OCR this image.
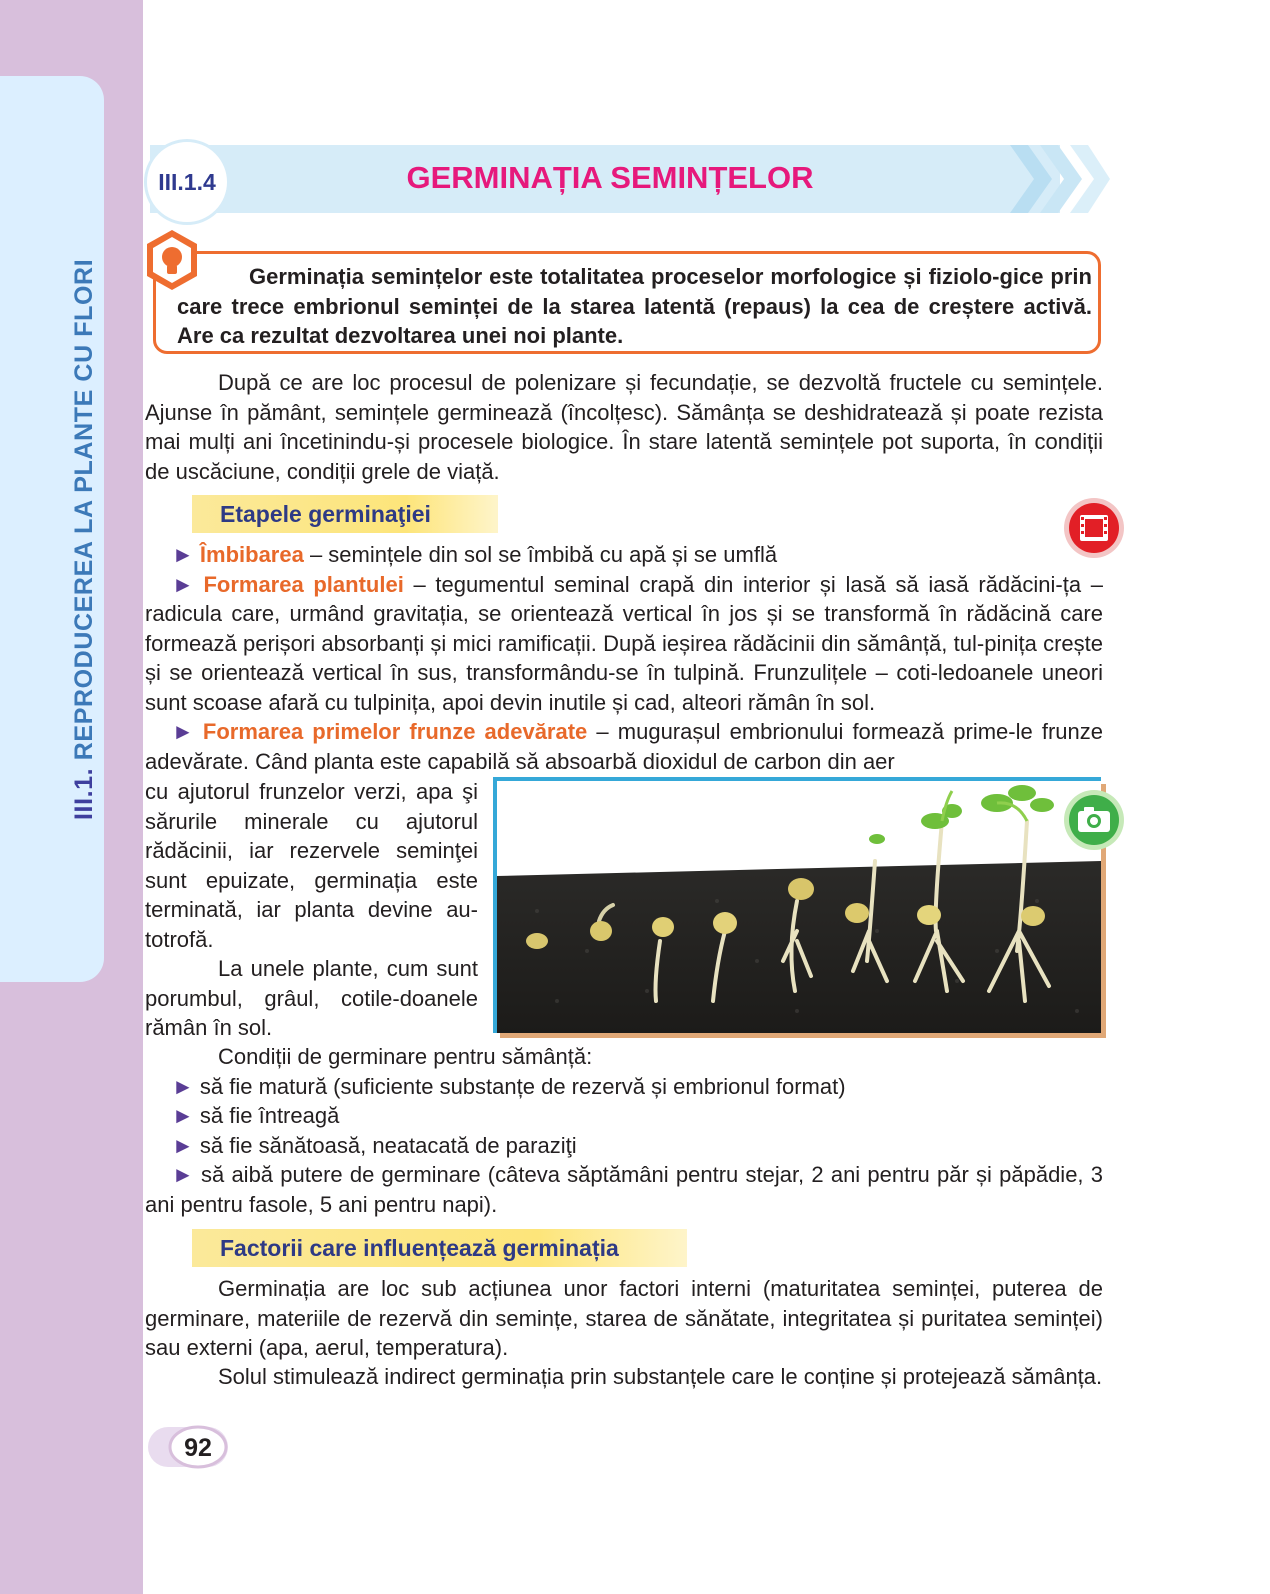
III.1. REPRODUCEREA LA PLANTE CU FLORI
III.1.4	GERMINAȚIA SEMINȚELOR
Germinația semințelor este totalitatea proceselor morfologice și fiziolo-gice prin care trece embrionul seminței de la starea latentă (repaus) la cea de creștere activă. Are ca rezultat dezvoltarea unei noi plante.
După ce are loc procesul de polenizare și fecundație, se dezvoltă fructele cu semințele. Ajunse în pământ, semințele germinează (încolțesc). Sămânța se deshidratează și poate rezista mai mulți ani încetinindu-și procesele biologice. În stare latentă semințele pot suporta, în condiții de uscăciune, condiții grele de viață.
Etapele germinaţiei
► Îmbibarea – semințele din sol se îmbibă cu apă și se umflă
► Formarea plantulei – tegumentul seminal crapă din interior și lasă să iasă rădăcini-ța – radicula care, urmând gravitația, se orientează vertical în jos și se transformă în rădăcină care formează perișori absorbanți și mici ramificații. După ieșirea rădăcinii din sămânță, tul-pinița crește și se orientează vertical în sus, transformându-se în tulpină. Frunzulițele – coti-ledoanele uneori sunt scoase afară cu tulpinița, apoi devin inutile și cad, alteori rămân în sol.
► Formarea primelor frunze adevărate – mugurașul embrionului formează prime-le frunze adevărate. Când planta este capabilă să absoarbă dioxidul de carbon din aer
cu ajutorul frunzelor verzi, apa şi sărurile minerale cu ajutorul rădăcinii, iar rezervele seminţei sunt epuizate, germinația este terminată, iar planta devine au-totrofă.
La unele plante, cum sunt porumbul, grâul, cotile-doanele rămân în sol.
Condiții de germinare pentru sămânță:
► să fie matură (suficiente substanțe de rezervă și embrionul format)
► să fie întreagă
► să fie sănătoasă, neatacată de paraziţi
► să aibă putere de germinare (câteva săptămâni pentru stejar, 2 ani pentru păr și păpădie, 3 ani pentru fasole, 5 ani pentru napi).
Factorii care influențează germinația
Germinația are loc sub acțiunea unor factori interni (maturitatea seminței, puterea de germinare, materiile de rezervă din semințe, starea de sănătate, integritatea și puritatea seminței) sau externi (apa, aerul, temperatura).
Solul stimulează indirect germinația prin substanțele care le conține și protejează sămânța.
92
